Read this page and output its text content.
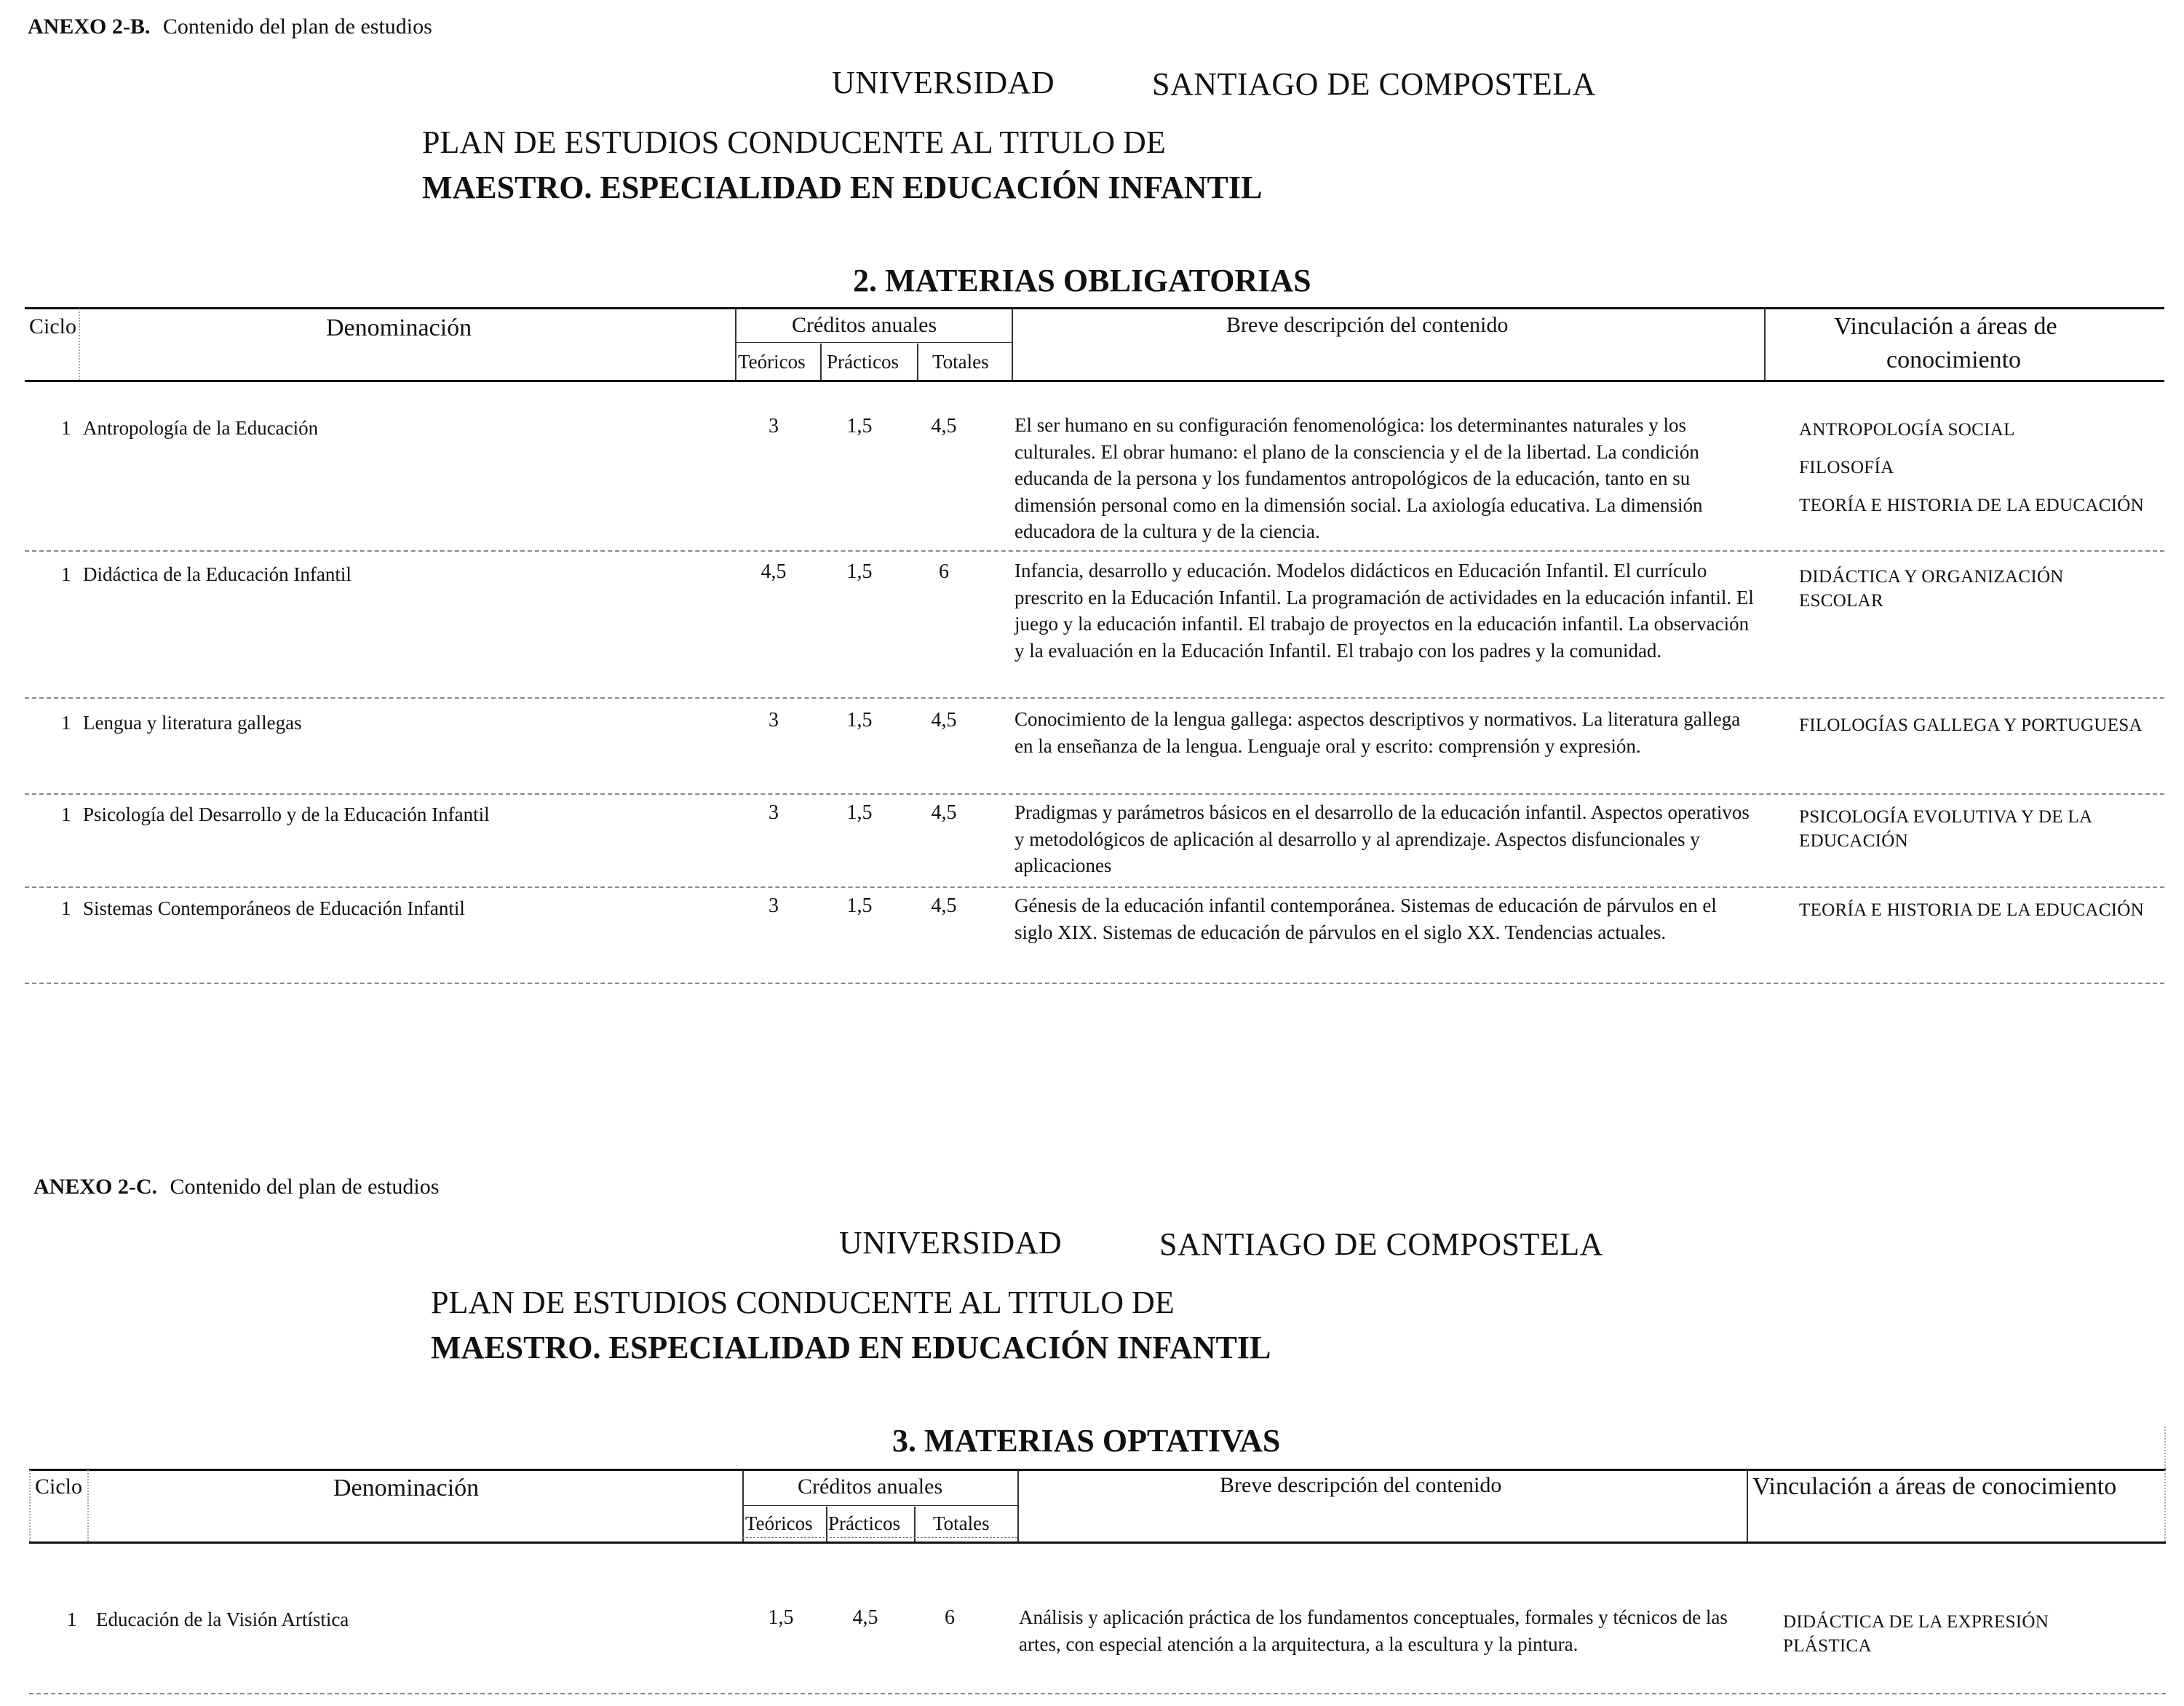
ANEXO 2-B. Contenido del plan de estudios
UNIVERSIDAD	SANTIAGO DE COMPOSTELA
PLAN DE ESTUDIOS CONDUCENTE AL TITULO DE
MAESTRO. ESPECIALIDAD EN EDUCACIÓN INFANTIL
2. MATERIAS OBLIGATORIAS
Ciclo	Denominación	Créditos anuales
Teóricos Prácticos Totales
Breve descripción del contenido	Vinculación a áreas de
conocimiento
1 Antropología de la Educación	3	1,5	4,5	El ser humano en su configuración fenomenológica: los determinantes naturales y los culturales. El obrar humano: el plano de la consciencia y el de la libertad. La condición educanda de la persona y los fundamentos antropológicos de la educación, tanto en su dimensión personal como en la dimensión social. La axiología educativa. La dimensión educadora de la cultura y de la ciencia.
ANTROPOLOGÍA SOCIAL
FILOSOFÍA
TEORÍA E HISTORIA DE LA EDUCACIÓN
1 Didáctica de la Educación Infantil	4,5	1,5	6	Infancia, desarrollo y educación. Modelos didácticos en Educación Infantil. El currículo prescrito en la Educación Infantil. La programación de actividades en la educación infantil. El juego y la educación infantil. El trabajo de proyectos en la educación infantil. La observación y la evaluación en la Educación Infantil. El trabajo con los padres y la comunidad.
DIDÁCTICA Y ORGANIZACIÓN ESCOLAR
1 Lengua y literatura gallegas	3	1,5	4,5	Conocimiento de la lengua gallega: aspectos descriptivos y normativos. La literatura gallega en la enseñanza de la lengua. Lenguaje oral y escrito: comprensión y expresión.
FILOLOGÍAS GALLEGA Y PORTUGUESA
1 Psicología del Desarrollo y de la Educación Infantil	3	1,5	4,5	Pradigmas y parámetros básicos en el desarrollo de la educación infantil. Aspectos operativos y metodológicos de aplicación al desarrollo y al aprendizaje. Aspectos disfuncionales y aplicaciones
PSICOLOGÍA EVOLUTIVA Y DE LA EDUCACIÓN
1 Sistemas Contemporáneos de Educación Infantil	3	1,5	4,5	Génesis de la educación infantil contemporánea. Sistemas de educación de párvulos en el siglo XIX. Sistemas de educación de párvulos en el siglo XX. Tendencias actuales.
TEORÍA E HISTORIA DE LA EDUCACIÓN
ANEXO 2-C. Contenido del plan de estudios
UNIVERSIDAD	SANTIAGO DE COMPOSTELA
PLAN DE ESTUDIOS CONDUCENTE AL TITULO DE
MAESTRO. ESPECIALIDAD EN EDUCACIÓN INFANTIL
3. MATERIAS OPTATIVAS
Ciclo	Denominación	Créditos anuales
Teóricos Prácticos Totales
Breve descripción del contenido	Vinculación a áreas de conocimiento
1 Educación de la Visión Artística	1,5	4,5	6	Análisis y aplicación práctica de los fundamentos conceptuales, formales y técnicos de las artes, con especial atención a la arquitectura, a la escultura y la pintura.
DIDÁCTICA DE LA EXPRESIÓN PLÁSTICA
